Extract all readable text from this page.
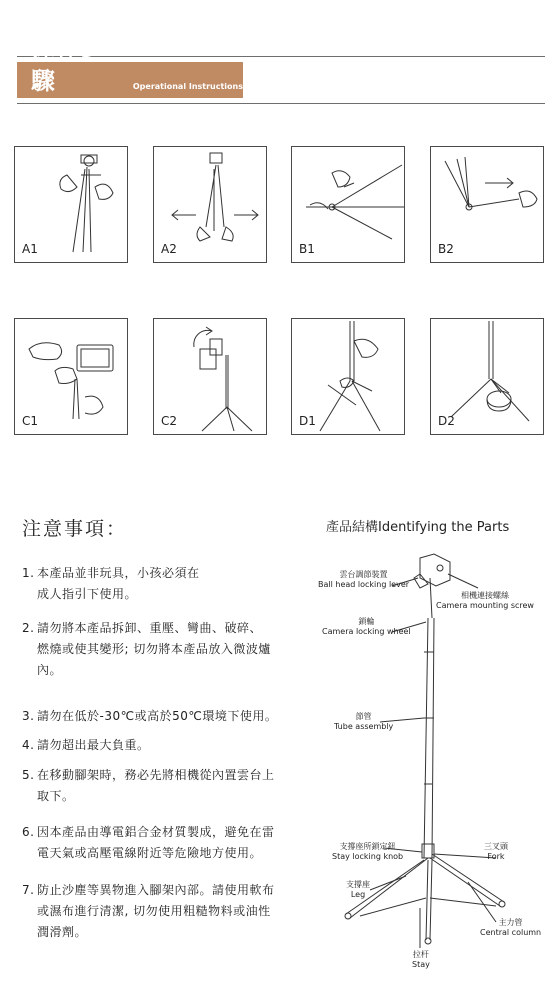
操作步驟	Operational Instructions
A1	A2	B1	B2
C1	C2	D1	D2
注意事項：
1. 本產品並非玩具，小孩必須在
成人指引下使用。
2. 請勿將本產品拆卸、重壓、彎曲、破碎、
燃燒或使其變形; 切勿將本產品放入微波爐
內。
3. 請勿在低於-30℃或高於50℃環境下使用。
4. 請勿超出最大負重。
5. 在移動腳架時，務必先將相機從內置雲台上
取下。
6. 因本產品由導電鋁合金材質製成，避免在雷
電天氣或高壓電線附近等危險地方使用。
7. 防止沙塵等異物進入腳架內部。請使用軟布
或濕布進行清潔, 切勿使用粗糙物料或油性
潤滑劑。
產品結構Identifying the Parts
雲台調節裝置
Ball head locking lever
相機連接螺絲
Camera mounting screw
鎖輪
Camera locking wheel
節管
Tube assembly
支撐座所鎖定鈕
Stay locking knob
三叉頭
Fork
支撐座
Leg
主力管
Central column
拉杆
Stay
